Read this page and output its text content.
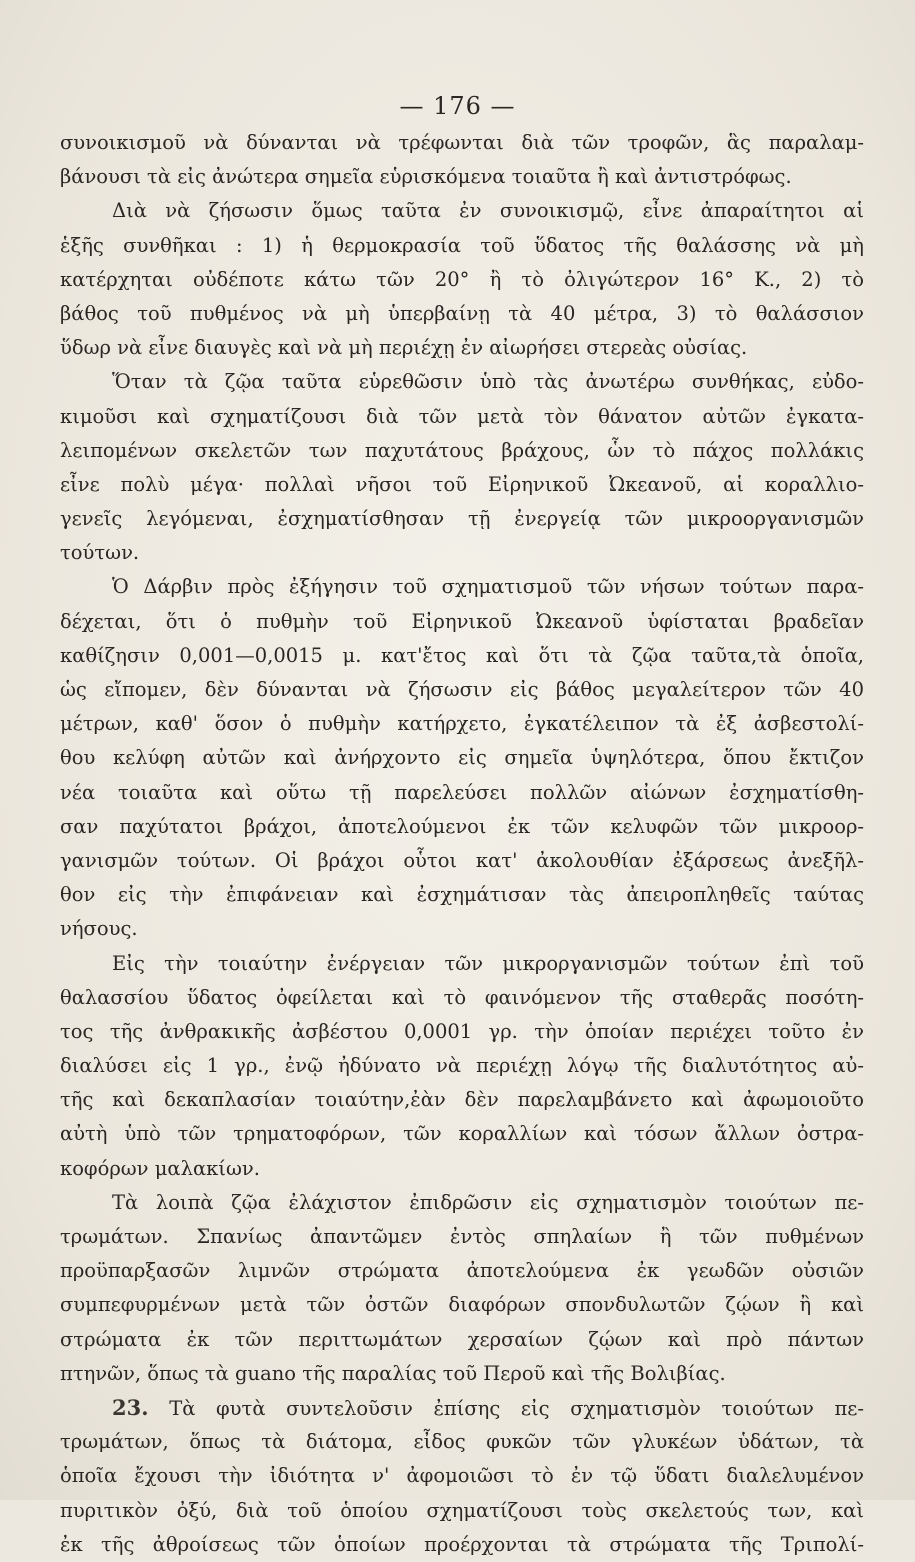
— 176 —
συνοικισμοῦ νὰ δύνανται νὰ τρέφωνται διὰ τῶν τροφῶν, ἃς παραλαμ-
βάνουσι τὰ εἰς ἀνώτερα σημεῖα εὑρισκόμενα τοιαῦτα ἢ καὶ ἀντιστρόφως.
Διὰ νὰ ζήσωσιν ὅμως ταῦτα ἐν συνοικισμῷ, εἶνε ἀπαραίτητοι αἱ
ἑξῆς συνθῆκαι : 1) ἡ θερμοκρασία τοῦ ὕδατος τῆς θαλάσσης νὰ μὴ
κατέρχηται οὐδέποτε κάτω τῶν 20° ἢ τὸ ὀλιγώτερον 16° Κ., 2) τὸ
βάθος τοῦ πυθμένος νὰ μὴ ὑπερβαίνῃ τὰ 40 μέτρα, 3) τὸ θαλάσσιον
ὕδωρ νὰ εἶνε διαυγὲς καὶ νὰ μὴ περιέχῃ ἐν αἰωρήσει στερεὰς οὐσίας.
Ὅταν τὰ ζῷα ταῦτα εὑρεθῶσιν ὑπὸ τὰς ἀνωτέρω συνθήκας, εὐδο-
κιμοῦσι καὶ σχηματίζουσι διὰ τῶν μετὰ τὸν θάνατον αὐτῶν ἐγκατα-
λειπομένων σκελετῶν των παχυτάτους βράχους, ὧν τὸ πάχος πολλάκις
εἶνε πολὺ μέγα· πολλαὶ νῆσοι τοῦ Εἰρηνικοῦ Ὠκεανοῦ, αἱ κοραλλιο-
γενεῖς λεγόμεναι, ἐσχηματίσθησαν τῇ ἐνεργείᾳ τῶν μικροοργανισμῶν
τούτων.
Ὁ Δάρβιν πρὸς ἐξήγησιν τοῦ σχηματισμοῦ τῶν νήσων τούτων παρα-
δέχεται, ὅτι ὁ πυθμὴν τοῦ Εἰρηνικοῦ Ὠκεανοῦ ὑφίσταται βραδεῖαν
καθίζησιν 0,001—0,0015 μ. κατ'ἔτος καὶ ὅτι τὰ ζῷα ταῦτα,τὰ ὁποῖα,
ὡς εἴπομεν, δὲν δύνανται νὰ ζήσωσιν εἰς βάθος μεγαλείτερον τῶν 40
μέτρων, καθ' ὅσον ὁ πυθμὴν κατήρχετο, ἐγκατέλειπον τὰ ἐξ ἀσβεστολί-
θου κελύφη αὐτῶν καὶ ἀνήρχοντο εἰς σημεῖα ὑψηλότερα, ὅπου ἔκτιζον
νέα τοιαῦτα καὶ οὕτω τῇ παρελεύσει πολλῶν αἰώνων ἐσχηματίσθη-
σαν παχύτατοι βράχοι, ἀποτελούμενοι ἐκ τῶν κελυφῶν τῶν μικροορ-
γανισμῶν τούτων. Οἱ βράχοι οὗτοι κατ' ἀκολουθίαν ἐξάρσεως ἀνεξῆλ-
θον εἰς τὴν ἐπιφάνειαν καὶ ἐσχημάτισαν τὰς ἀπειροπληθεῖς ταύτας
νήσους.
Εἰς τὴν τοιαύτην ἐνέργειαν τῶν μικροργανισμῶν τούτων ἐπὶ τοῦ
θαλασσίου ὕδατος ὀφείλεται καὶ τὸ φαινόμενον τῆς σταθερᾶς ποσότη-
τος τῆς ἀνθρακικῆς ἀσβέστου 0,0001 γρ. τὴν ὁποίαν περιέχει τοῦτο ἐν
διαλύσει εἰς 1 γρ., ἐνῷ ἠδύνατο νὰ περιέχῃ λόγῳ τῆς διαλυτότητος αὐ-
τῆς καὶ δεκαπλασίαν τοιαύτην,ἐὰν δὲν παρελαμβάνετο καὶ ἀφωμοιοῦτο
αὐτὴ ὑπὸ τῶν τρηματοφόρων, τῶν κοραλλίων καὶ τόσων ἄλλων ὀστρα-
κοφόρων μαλακίων.
Τὰ λοιπὰ ζῷα ἐλάχιστον ἐπιδρῶσιν εἰς σχηματισμὸν τοιούτων πε-
τρωμάτων. Σπανίως ἀπαντῶμεν ἐντὸς σπηλαίων ἢ τῶν πυθμένων
προϋπαρξασῶν λιμνῶν στρώματα ἀποτελούμενα ἐκ γεωδῶν οὐσιῶν
συμπεφυρμένων μετὰ τῶν ὀστῶν διαφόρων σπονδυλωτῶν ζῴων ἢ καὶ
στρώματα ἐκ τῶν περιττωμάτων χερσαίων ζῴων καὶ πρὸ πάντων
πτηνῶν, ὅπως τὰ guano τῆς παραλίας τοῦ Περοῦ καὶ τῆς Βολιβίας.
23. Τὰ φυτὰ συντελοῦσιν ἐπίσης εἰς σχηματισμὸν τοιούτων πε-
τρωμάτων, ὅπως τὰ διάτομα, εἶδος φυκῶν τῶν γλυκέων ὑδάτων, τὰ
ὁποῖα ἔχουσι τὴν ἰδιότητα ν' ἀφομοιῶσι τὸ ἐν τῷ ὕδατι διαλελυμένον
πυριτικὸν ὀξύ, διὰ τοῦ ὁποίου σχηματίζουσι τοὺς σκελετούς των, καὶ
ἐκ τῆς ἀθροίσεως τῶν ὁποίων προέρχονται τὰ στρώματα τῆς Τριπολί-
